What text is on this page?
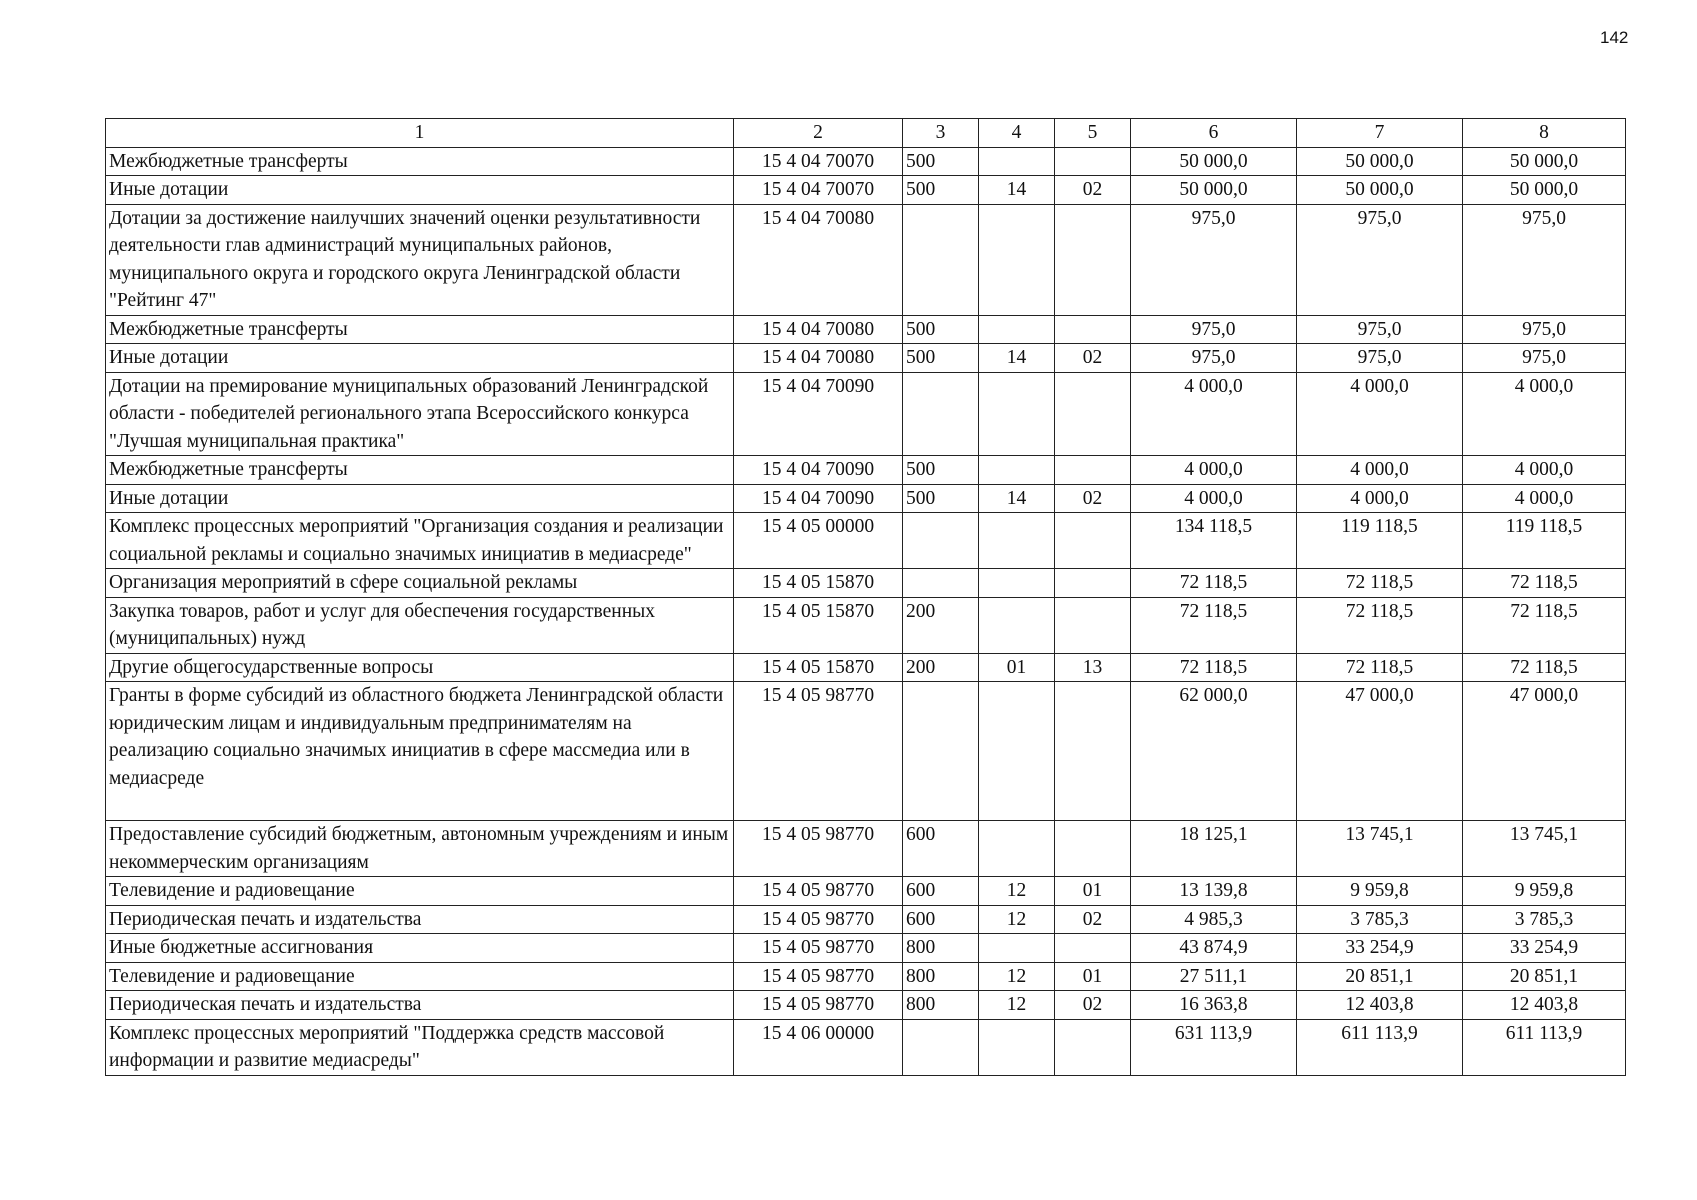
142
1	2	3	4	5	6	7	8
Межбюджетные трансферты	15 4 04 70070	500			50 000,0	50 000,0	50 000,0
Иные дотации	15 4 04 70070	500	14	02	50 000,0	50 000,0	50 000,0
Дотации за достижение наилучших значений оценки результативности деятельности глав администраций муниципальных районов, муниципального округа и городского округа Ленинградской области "Рейтинг 47"	15 4 04 70080				975,0	975,0	975,0
Межбюджетные трансферты	15 4 04 70080	500			975,0	975,0	975,0
Иные дотации	15 4 04 70080	500	14	02	975,0	975,0	975,0
Дотации на премирование муниципальных образований Ленинградской области - победителей регионального этапа Всероссийского конкурса "Лучшая муниципальная практика"	15 4 04 70090				4 000,0	4 000,0	4 000,0
Межбюджетные трансферты	15 4 04 70090	500			4 000,0	4 000,0	4 000,0
Иные дотации	15 4 04 70090	500	14	02	4 000,0	4 000,0	4 000,0
Комплекс процессных мероприятий "Организация создания и реализации социальной рекламы и социально значимых инициатив в медиасреде"	15 4 05 00000				134 118,5	119 118,5	119 118,5
Организация мероприятий в сфере социальной рекламы	15 4 05 15870				72 118,5	72 118,5	72 118,5
Закупка товаров, работ и услуг для обеспечения государственных (муниципальных) нужд	15 4 05 15870	200			72 118,5	72 118,5	72 118,5
Другие общегосударственные вопросы	15 4 05 15870	200	01	13	72 118,5	72 118,5	72 118,5
Гранты в форме субсидий из областного бюджета Ленинградской области юридическим лицам и индивидуальным предпринимателям на реализацию социально значимых инициатив в сфере массмедиа или в медиасреде	15 4 05 98770				62 000,0	47 000,0	47 000,0
Предоставление субсидий бюджетным, автономным учреждениям и иным некоммерческим организациям	15 4 05 98770	600			18 125,1	13 745,1	13 745,1
Телевидение и радиовещание	15 4 05 98770	600	12	01	13 139,8	9 959,8	9 959,8
Периодическая печать и издательства	15 4 05 98770	600	12	02	4 985,3	3 785,3	3 785,3
Иные бюджетные ассигнования	15 4 05 98770	800			43 874,9	33 254,9	33 254,9
Телевидение и радиовещание	15 4 05 98770	800	12	01	27 511,1	20 851,1	20 851,1
Периодическая печать и издательства	15 4 05 98770	800	12	02	16 363,8	12 403,8	12 403,8
Комплекс процессных мероприятий "Поддержка средств массовой информации и развитие медиасреды"	15 4 06 00000				631 113,9	611 113,9	611 113,9
